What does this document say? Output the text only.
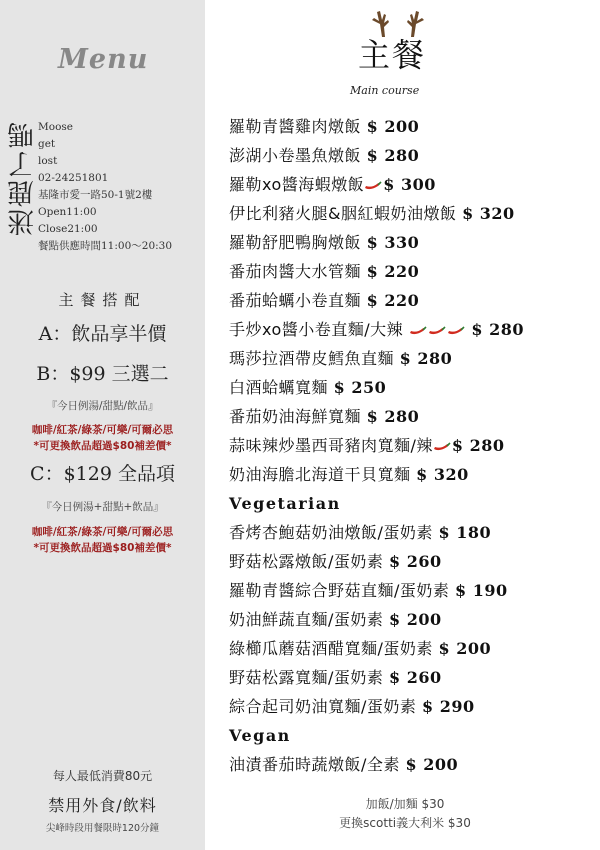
Menu
迷鹿了嗎 Moose
get
lost
02-24251801
基隆市愛一路50-1號2樓
Open11:00
Close21:00
餐點供應時間11:00～20:30
主餐搭配
A：飲品享半價
B：$99 三選二
『今日例湯/甜點/飲品』
咖啡/紅茶/綠茶/可樂/可爾必思
*可更換飲品超過$80補差價*
C：$129 全品項
『今日例湯+甜點+飲品』
咖啡/紅茶/綠茶/可樂/可爾必思
*可更換飲品超過$80補差價*
每人最低消費80元
禁用外食/飲料
尖峰時段用餐限時120分鐘
主餐
Main course
羅勒青醬雞肉燉飯 $ 200
澎湖小卷墨魚燉飯 $ 280
羅勒xo醬海蝦燉飯 $ 300
伊比利豬火腿&胭紅蝦奶油燉飯 $ 320
羅勒舒肥鴨胸燉飯 $ 330
番茄肉醬大水管麵 $ 220
番茄蛤蠣小卷直麵 $ 220
手炒xo醬小卷直麵/大辣	$ 280
瑪莎拉酒帶皮鱈魚直麵 $ 280
白酒蛤蠣寬麵 $ 250
番茄奶油海鮮寬麵 $ 280
蒜味辣炒墨西哥豬肉寬麵/辣 $ 280
奶油海膽北海道干貝寬麵 $ 320
Vegetarian
香烤杏鮑菇奶油燉飯/蛋奶素 $ 180
野菇松露燉飯/蛋奶素 $ 260
羅勒青醬綜合野菇直麵/蛋奶素 $ 190
奶油鮮蔬直麵/蛋奶素 $ 200
綠櫛瓜蘑菇酒醋寬麵/蛋奶素 $ 200
野菇松露寬麵/蛋奶素 $ 260
綜合起司奶油寬麵/蛋奶素 $ 290
Vegan
油漬番茄時蔬燉飯/全素 $ 200
加飯/加麵 $30
更換scotti義大利米 $30
